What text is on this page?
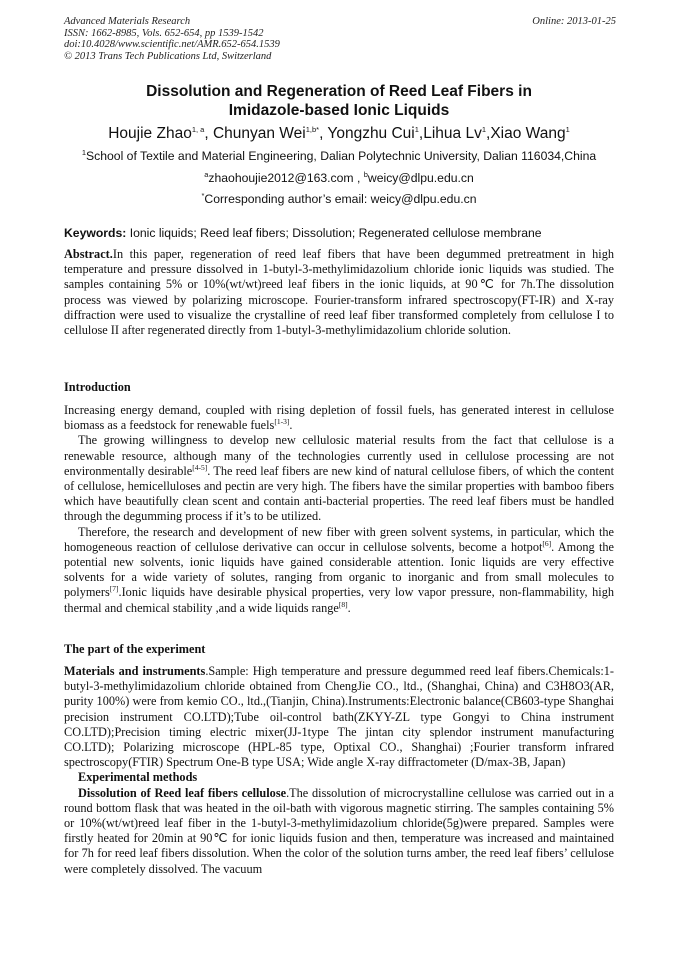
Advanced Materials Research
ISSN: 1662-8985, Vols. 652-654, pp 1539-1542
doi:10.4028/www.scientific.net/AMR.652-654.1539
© 2013 Trans Tech Publications Ltd, Switzerland
Online: 2013-01-25
Dissolution and Regeneration of Reed Leaf Fibers in
Imidazole-based Ionic Liquids
Houjie Zhao$^{1, a}$, Chunyan Wei$^{1,b*}$, Yongzhu Cui$^1$,Lihua Lv$^1$,Xiao Wang$^1$
$^1$School of Textile and Material Engineering, Dalian Polytechnic University, Dalian 116034,China
$^a$zhaohoujie2012@163.com , $^b$weicy@dlpu.edu.cn
*Corresponding author’s email: weicy@dlpu.edu.cn
Keywords: Ionic liquids; Reed leaf fibers; Dissolution; Regenerated cellulose membrane

Abstract.In this paper, regeneration of reed leaf fibers that have been degummed pretreatment in high temperature and pressure dissolved in 1-butyl-3-methylimidazolium chloride ionic liquids was studied. The samples containing 5% or 10%(wt/wt)reed leaf fibers in the ionic liquids, at 90℃ for 7h.The dissolution process was viewed by polarizing microscope. Fourier-transform infrared spectroscopy(FT-IR) and X-ray diffraction were used to visualize the crystalline of reed leaf fiber transformed completely from cellulose I to cellulose II after regenerated directly from 1-butyl-3-methylimidazolium chloride solution.

Introduction

Increasing energy demand, coupled with rising depletion of fossil fuels, has generated interest in cellulose biomass as a feedstock for renewable fuels[1-3].

The growing willingness to develop new cellulosic material results from the fact that cellulose is a renewable resource, although many of the technologies currently used in cellulose processing are not environmentally desirable[4-5]. The reed leaf fibers are new kind of natural cellulose fibers, of which the content of cellulose, hemicelluloses and pectin are very high. The fibers have the similar properties with bamboo fibers which have beautifully clean scent and contain anti-bacterial properties. The reed leaf fibers must be handled through the degumming process if it’s to be utilized.

Therefore, the research and development of new fiber with green solvent systems, in particular, which the homogeneous reaction of cellulose derivative can occur in cellulose solvents, become a hotpot[6]. Among the potential new solvents, ionic liquids have gained considerable attention. Ionic liquids are very effective solvents for a wide variety of solutes, ranging from organic to inorganic and from small molecules to polymers[7].Ionic liquids have desirable physical properties, very low vapor pressure, non-flammability, high thermal and chemical stability ,and a wide liquids range[8].

The part of the experiment

Materials and instruments.Sample: High temperature and pressure degummed reed leaf fibers.Chemicals:1-butyl-3-methylimidazolium chloride obtained from ChengJie CO., ltd., (Shanghai, China) and C3H8O3(AR, purity 100%) were from kemio CO., ltd.,(Tianjin, China).Instruments:Electronic balance(CB603-type Shanghai precision instrument CO.LTD);Tube oil-control bath(ZKYY-ZL type Gongyi to China instrument CO.LTD);Precision timing electric mixer(JJ-1type The jintan city splendor instrument manufacturing CO.LTD); Polarizing microscope (HPL-85 type, Optixal CO., Shanghai) ;Fourier transform infrared spectroscopy(FTIR) Spectrum One-B type USA; Wide angle X-ray diffractometer (D/max-3B, Japan)

Experimental methods

Dissolution of Reed leaf fibers cellulose.The dissolution of microcrystalline cellulose was carried out in a round bottom flask that was heated in the oil-bath with vigorous magnetic stirring. The samples containing 5% or 10%(wt/wt)reed leaf fiber in the 1-butyl-3-methylimidazolium chloride(5g)were prepared. Samples were firstly heated for 20min at 90℃ for ionic liquids fusion and then, temperature was increased and maintained for 7h for reed leaf fibers dissolution. When the color of the solution turns amber, the reed leaf fibers’ cellulose were completely dissolved. The vacuum
